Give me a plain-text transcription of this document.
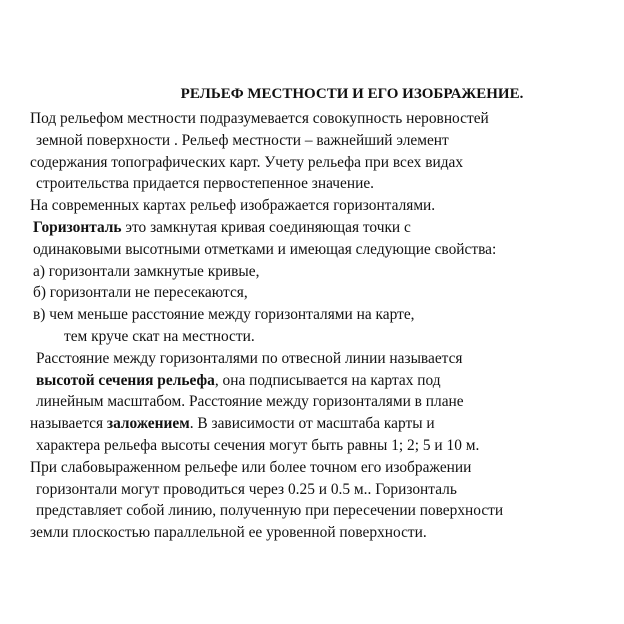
РЕЛЬЕФ МЕСТНОСТИ И ЕГО ИЗОБРАЖЕНИЕ.
Под рельефом местности подразумевается совокупность неровностей
земной поверхности . Рельеф местности – важнейший элемент
содержания топографических карт. Учету рельефа при всех видах
строительства придается первостепенное значение.
На современных картах рельеф изображается горизонталями.
Горизонталь это замкнутая кривая соединяющая точки с
одинаковыми высотными отметками и имеющая следующие свойства:
а) горизонтали замкнутые кривые,
б) горизонтали не пересекаются,
в) чем меньше расстояние между горизонталями на карте,
тем круче скат на местности.
Расстояние между горизонталями по отвесной линии называется
высотой сечения рельефа, она подписывается на картах под
линейным масштабом. Расстояние между горизонталями в плане
называется заложением. В зависимости от масштаба карты и
характера рельефа высоты сечения могут быть равны 1; 2; 5 и 10 м.
При слабовыраженном рельефе или более точном его изображении
горизонтали могут проводиться через 0.25 и 0.5 м.. Горизонталь
представляет собой линию, полученную при пересечении поверхности
земли плоскостью параллельной ее уровенной поверхности.
